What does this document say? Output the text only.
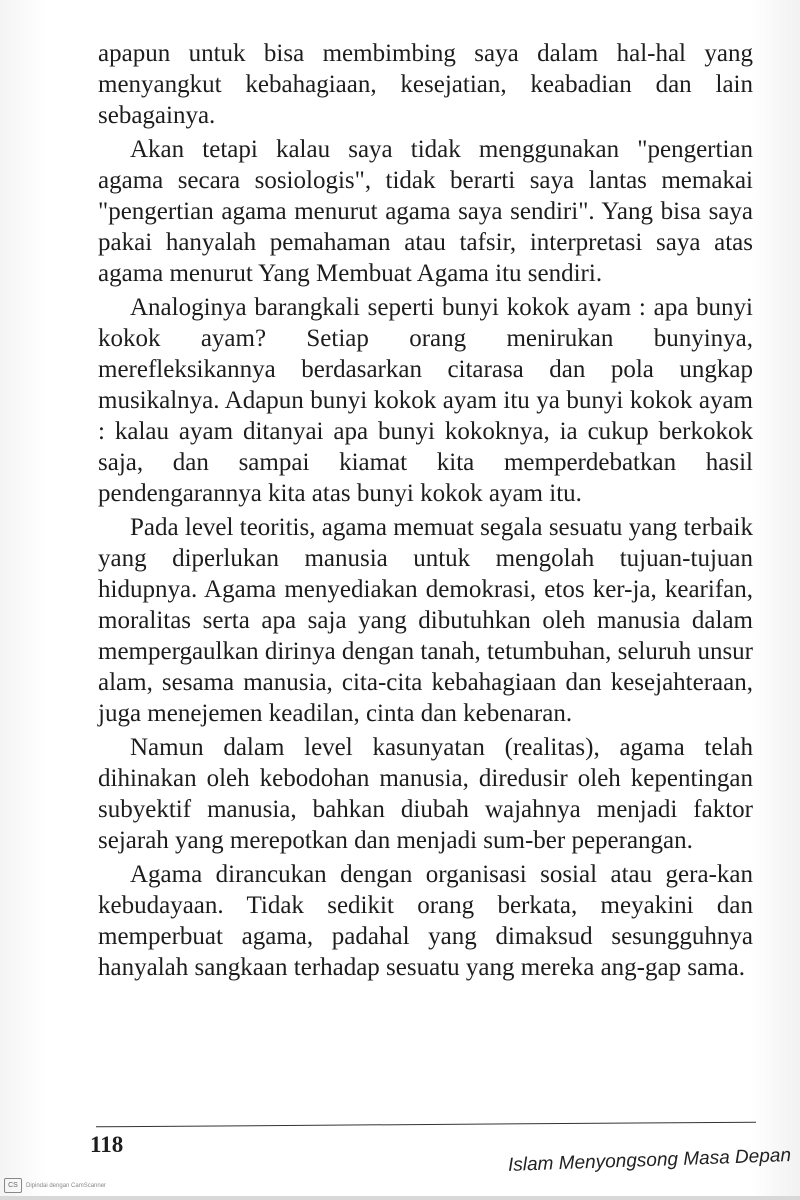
apapun untuk bisa membimbing saya dalam hal-hal yang menyangkut kebahagiaan, kesejatian, keabadian dan lain sebagainya.

Akan tetapi kalau saya tidak menggunakan "pengertian agama secara sosiologis", tidak berarti saya lantas memakai "pengertian agama menurut agama saya sendiri". Yang bisa saya pakai hanyalah pemahaman atau tafsir, interpretasi saya atas agama menurut Yang Membuat Agama itu sendiri.

Analoginya barangkali seperti bunyi kokok ayam : apa bunyi kokok ayam? Setiap orang menirukan bunyinya, merefleksikannya berdasarkan citarasa dan pola ungkap musikalnya. Adapun bunyi kokok ayam itu ya bunyi kokok ayam : kalau ayam ditanyai apa bunyi kokoknya, ia cukup berkokok saja, dan sampai kiamat kita memperdebatkan hasil pendengarannya kita atas bunyi kokok ayam itu.

Pada level teoritis, agama memuat segala sesuatu yang terbaik yang diperlukan manusia untuk mengolah tujuan-tujuan hidupnya. Agama menyediakan demokrasi, etos ker-ja, kearifan, moralitas serta apa saja yang dibutuhkan oleh manusia dalam mempergaulkan dirinya dengan tanah, tetumbuhan, seluruh unsur alam, sesama manusia, cita-cita kebahagiaan dan kesejahteraan, juga menejemen keadilan, cinta dan kebenaran.

Namun dalam level kasunyatan (realitas), agama telah dihinakan oleh kebodohan manusia, diredusir oleh kepentingan subyektif manusia, bahkan diubah wajahnya menjadi faktor sejarah yang merepotkan dan menjadi sum-ber peperangan.

Agama dirancukan dengan organisasi sosial atau gera-kan kebudayaan. Tidak sedikit orang berkata, meyakini dan memperbuat agama, padahal yang dimaksud sesungguhnya hanyalah sangkaan terhadap sesuatu yang mereka ang-gap sama.

118
Islam Menyongsong Masa Depan
CS	Dipindai dengan CamScanner
